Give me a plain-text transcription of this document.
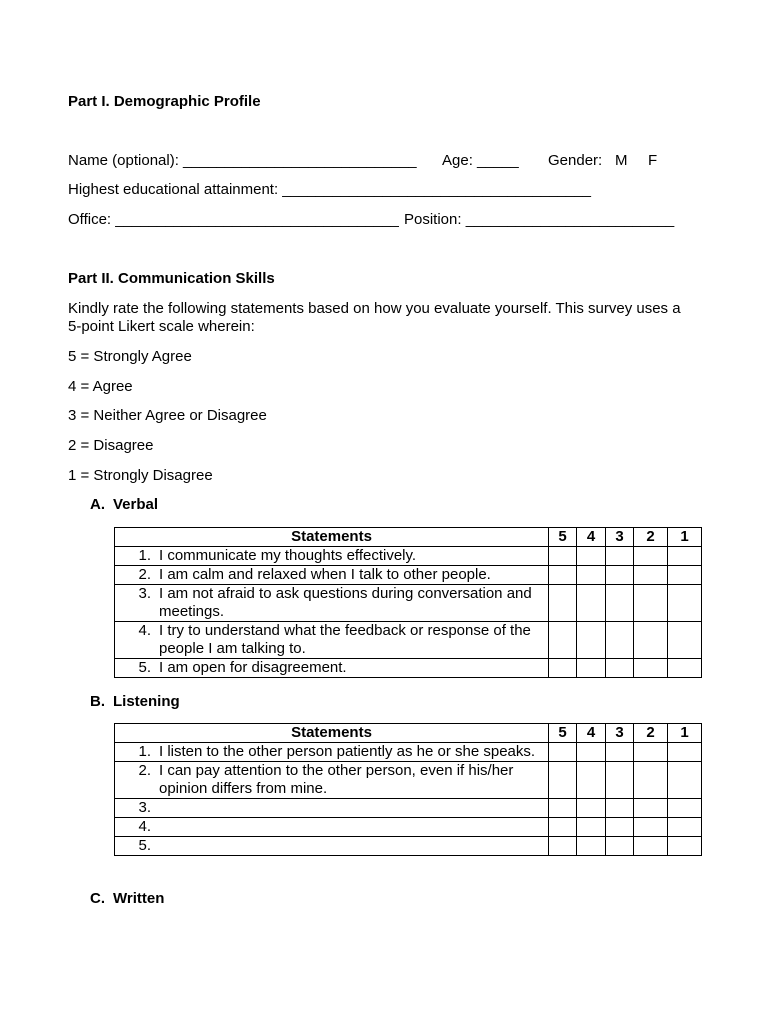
Part I. Demographic Profile
Name (optional): ____________________________ Age: _____ Gender: M F
Highest educational attainment: _____________________________________
Office: __________________________________ Position: _________________________
Part II. Communication Skills
Kindly rate the following statements based on how you evaluate yourself. This survey uses a 5-point Likert scale wherein:
5 = Strongly Agree
4 = Agree
3 = Neither Agree or Disagree
2 = Disagree
1 = Strongly Disagree
A. Verbal
Statements	5	4	3	2	1

1. I communicate my thoughts effectively.					

2. I am calm and relaxed when I talk to other people.					

3. I am not afraid to ask questions during conversation and meetings.					

4. I try to understand what the feedback or response of the people I am talking to.					

5. I am open for disagreement.					

B. Listening
Statements	5	4	3	2	1

1. I listen to the other person patiently as he or she speaks.					

2. I can pay attention to the other person, even if his/her opinion differs from mine.					

3.					

4.					

5.					

C. Written
